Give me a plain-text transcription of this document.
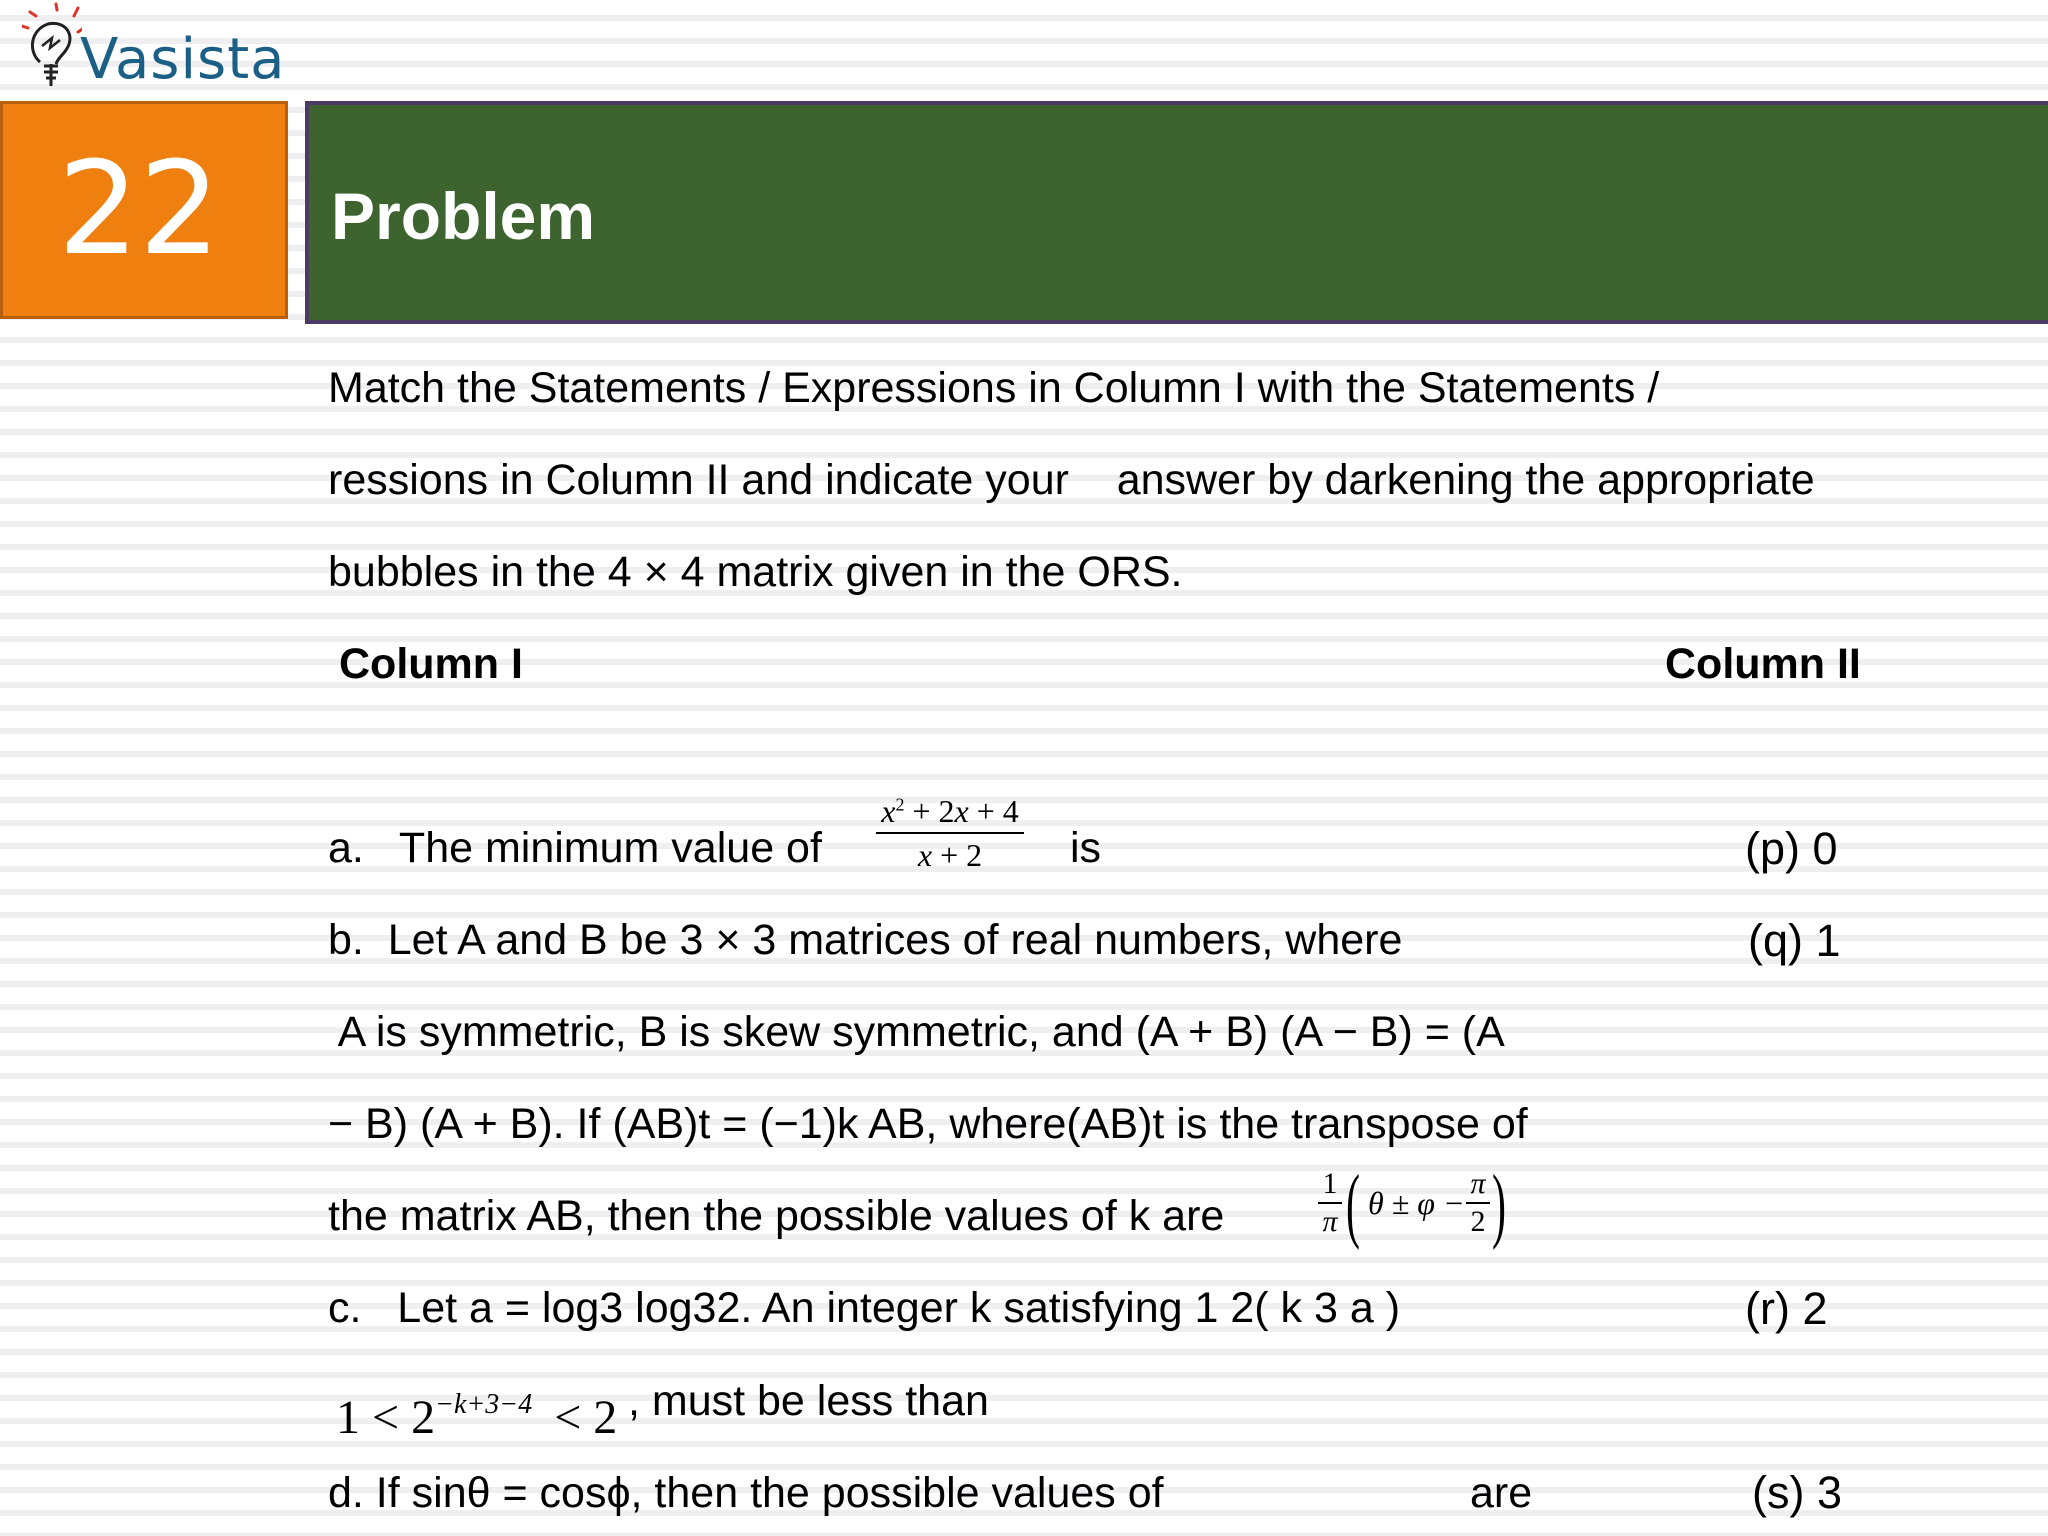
Vasista
22 Problem
Match the Statements / Expressions in Column I with the Statements /
ressions in Column II and indicate your    answer by darkening the appropriate
bubbles in the 4 × 4 matrix given in the ORS.
Column I	Column II
a.   The minimum value of
$x^2 + 2x + 4$
x + 2	is	(p) 0
b.  Let A and B be 3 × 3 matrices of real numbers, where	(q) 1
A is symmetric, B is skew symmetric, and (A + B) (A − B) = (A
− B) (A + B). If (AB)t = (−1)k AB, where(AB)t is the transpose of
the matrix AB, then the possible values of k are
1
π ( θ ± φ −
π
2 )
c.   Let a = log3 log32. An integer k satisfying 1 2( k 3 a )	(r) 2

$1 < 2^{-k+3-4} < 2$ , must be less than
d. If sinθ = cosϕ, then the possible values of	are	(s) 3
